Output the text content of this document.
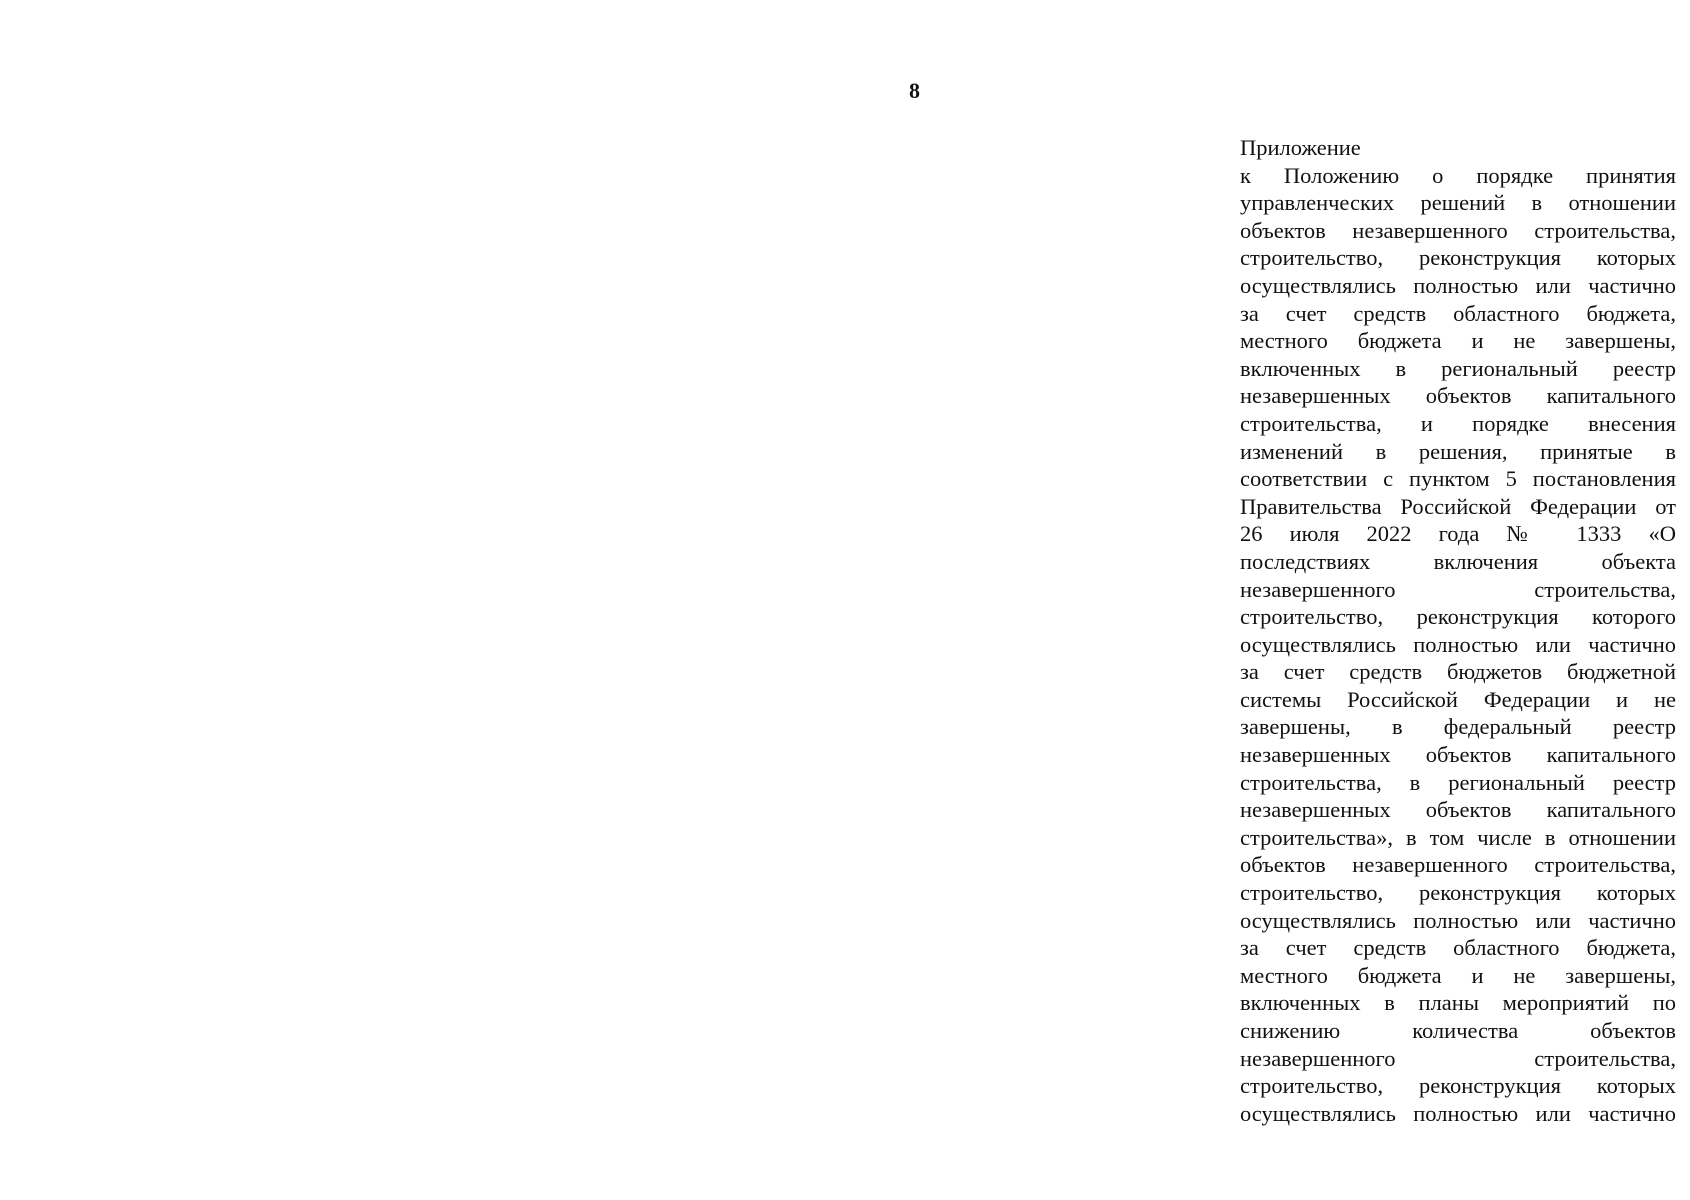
8
Приложение
к Положению о порядке принятия
управленческих решений в отношении
объектов незавершенного строительства,
строительство, реконструкция которых
осуществлялись полностью или частично
за счет средств областного бюджета,
местного бюджета и не завершены,
включенных в региональный реестр
незавершенных объектов капитального
строительства, и порядке внесения
изменений в решения, принятые в
соответствии с пунктом 5 постановления
Правительства Российской Федерации от
26 июля 2022 года № 1333 «О
последствиях включения объекта
незавершенного строительства,
строительство, реконструкция которого
осуществлялись полностью или частично
за счет средств бюджетов бюджетной
системы Российской Федерации и не
завершены, в федеральный реестр
незавершенных объектов капитального
строительства, в региональный реестр
незавершенных объектов капитального
строительства», в том числе в отношении
объектов незавершенного строительства,
строительство, реконструкция которых
осуществлялись полностью или частично
за счет средств областного бюджета,
местного бюджета и не завершены,
включенных в планы мероприятий по
снижению количества объектов
незавершенного строительства,
строительство, реконструкция которых
осуществлялись полностью или частично
